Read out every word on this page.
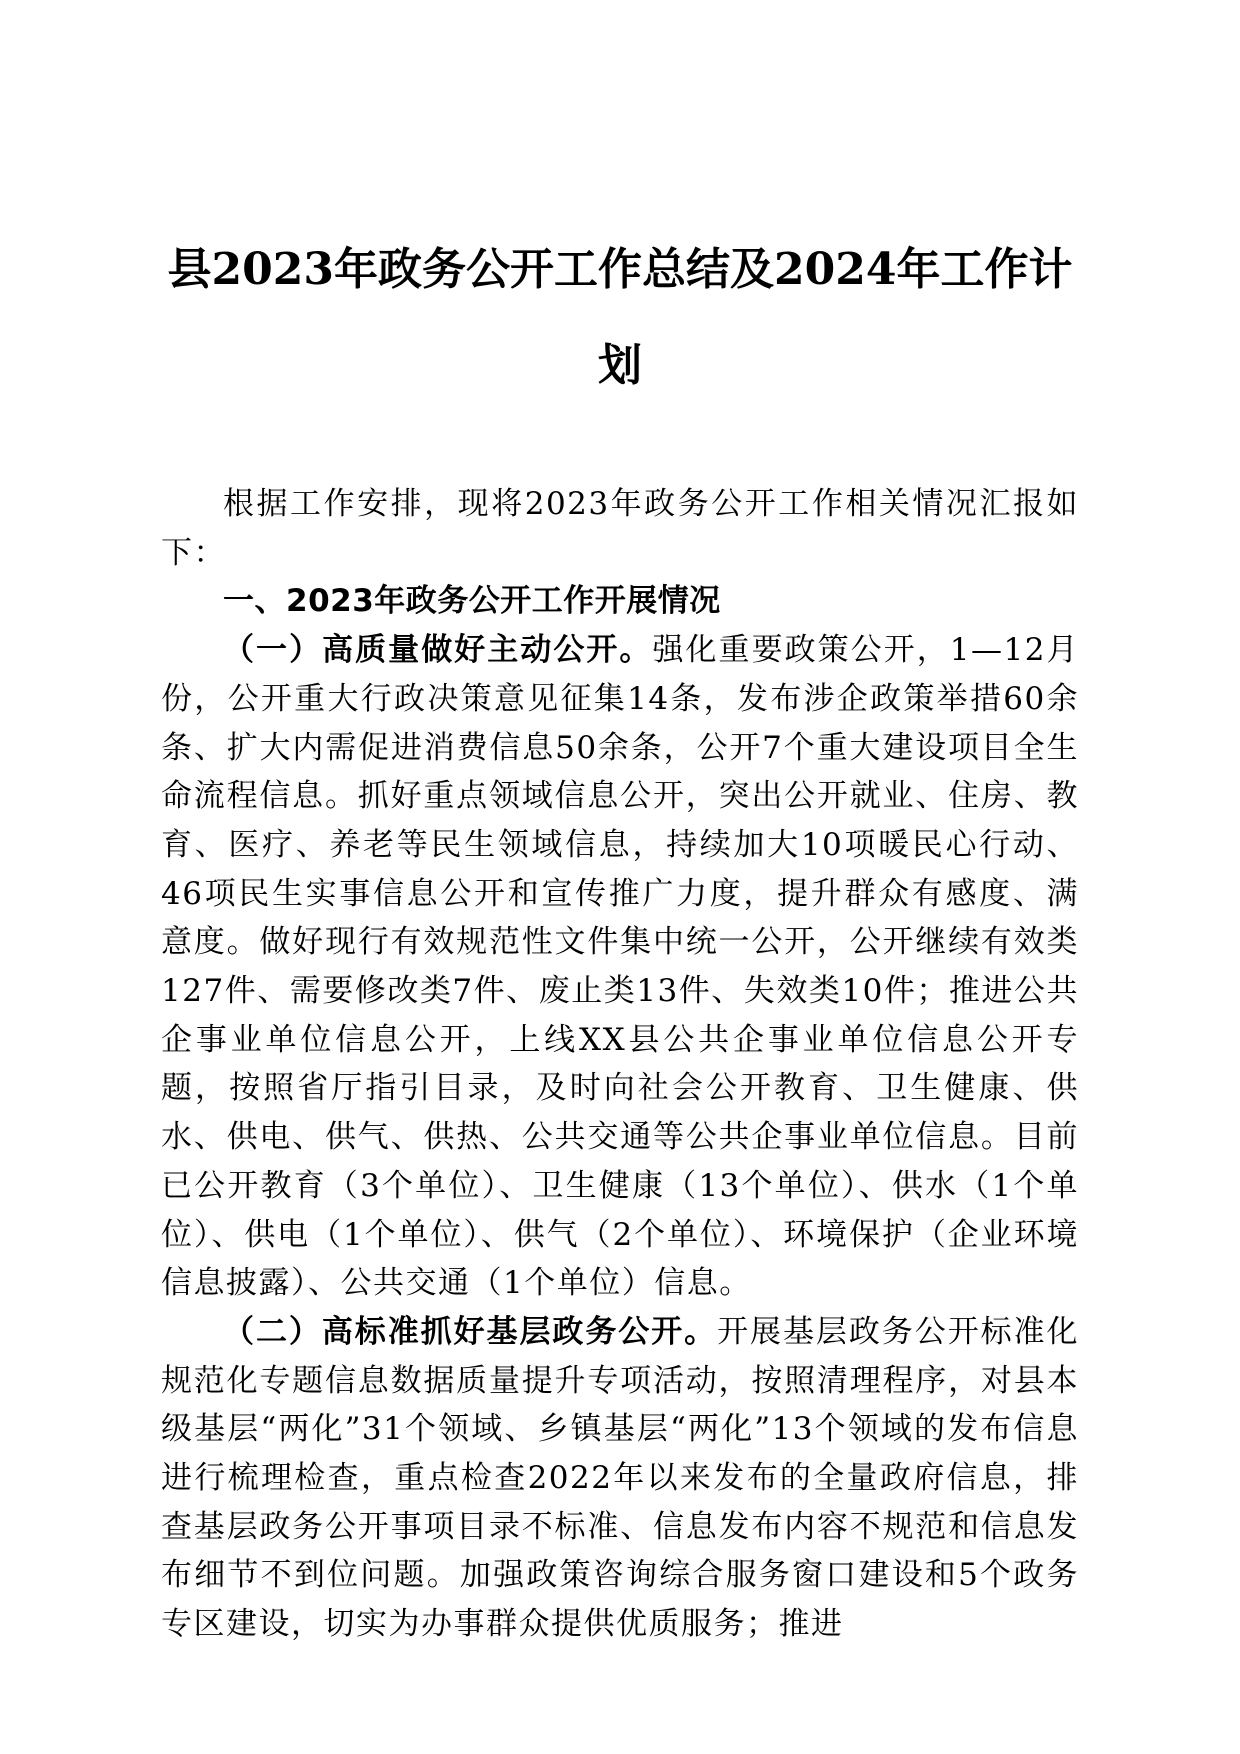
县2023年政务公开工作总结及2024年工作计划

根据工作安排，现将2023年政务公开工作相关情况汇报如下：

一、2023年政务公开工作开展情况

（一）高质量做好主动公开。强化重要政策公开，1—12月份，公开重大行政决策意见征集14条，发布涉企政策举措60余条、扩大内需促进消费信息50余条，公开7个重大建设项目全生命流程信息。抓好重点领域信息公开，突出公开就业、住房、教育、医疗、养老等民生领域信息，持续加大10项暖民心行动、46项民生实事信息公开和宣传推广力度，提升群众有感度、满意度。做好现行有效规范性文件集中统一公开，公开继续有效类127件、需要修改类7件、废止类13件、失效类10件；推进公共企事业单位信息公开，上线XX县公共企事业单位信息公开专题，按照省厅指引目录，及时向社会公开教育、卫生健康、供水、供电、供气、供热、公共交通等公共企事业单位信息。目前已公开教育（3个单位）、卫生健康（13个单位）、供水（1个单位）、供电（1个单位）、供气（2个单位）、环境保护（企业环境信息披露）、公共交通（1个单位）信息。

（二）高标准抓好基层政务公开。开展基层政务公开标准化规范化专题信息数据质量提升专项活动，按照清理程序，对县本级基层“两化”31个领域、乡镇基层“两化”13个领域的发布信息进行梳理检查，重点检查2022年以来发布的全量政府信息，排查基层政务公开事项目录不标准、信息发布内容不规范和信息发布细节不到位问题。加强政策咨询综合服务窗口建设和5个政务专区建设，切实为办事群众提供优质服务；推进
